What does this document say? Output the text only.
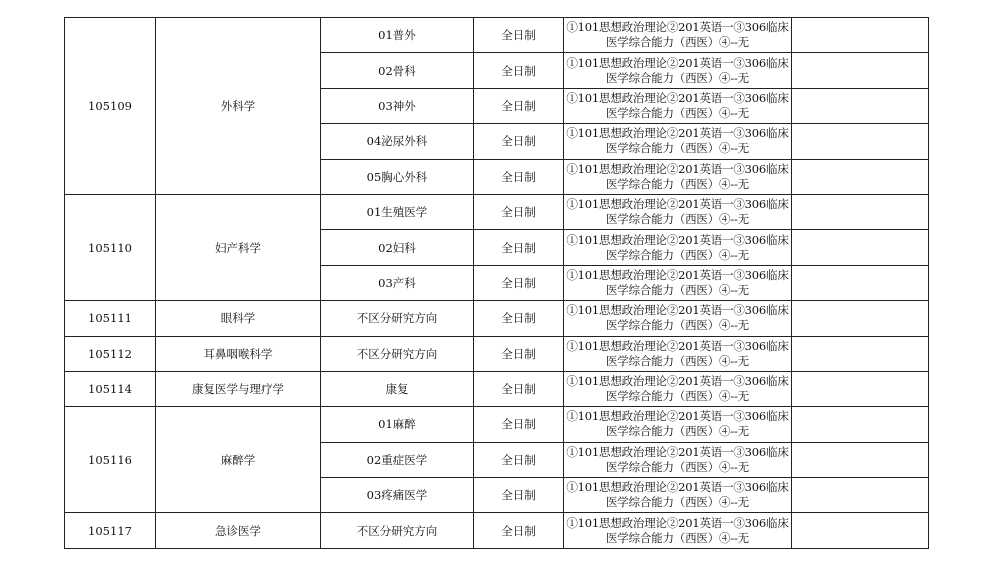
105109	外科学	01普外	全日制	①101思想政治理论②201英语一③306临床
医学综合能力（西医）④--无	

		02骨科	全日制	①101思想政治理论②201英语一③306临床
医学综合能力（西医）④--无	

		03神外	全日制	①101思想政治理论②201英语一③306临床
医学综合能力（西医）④--无	

		04泌尿外科	全日制	①101思想政治理论②201英语一③306临床
医学综合能力（西医）④--无	

		05胸心外科	全日制	①101思想政治理论②201英语一③306临床
医学综合能力（西医）④--无	

105110	妇产科学	01生殖医学	全日制	①101思想政治理论②201英语一③306临床
医学综合能力（西医）④--无	

		02妇科	全日制	①101思想政治理论②201英语一③306临床
医学综合能力（西医）④--无	

		03产科	全日制	①101思想政治理论②201英语一③306临床
医学综合能力（西医）④--无	

105111	眼科学	不区分研究方向	全日制	①101思想政治理论②201英语一③306临床
医学综合能力（西医）④--无	

105112	耳鼻咽喉科学	不区分研究方向	全日制	①101思想政治理论②201英语一③306临床
医学综合能力（西医）④--无	

105114	康复医学与理疗学	康复	全日制	①101思想政治理论②201英语一③306临床
医学综合能力（西医）④--无	

105116	麻醉学	01麻醉	全日制	①101思想政治理论②201英语一③306临床
医学综合能力（西医）④--无	

		02重症医学	全日制	①101思想政治理论②201英语一③306临床
医学综合能力（西医）④--无	

		03疼痛医学	全日制	①101思想政治理论②201英语一③306临床
医学综合能力（西医）④--无	

105117	急诊医学	不区分研究方向	全日制	①101思想政治理论②201英语一③306临床
医学综合能力（西医）④--无	
